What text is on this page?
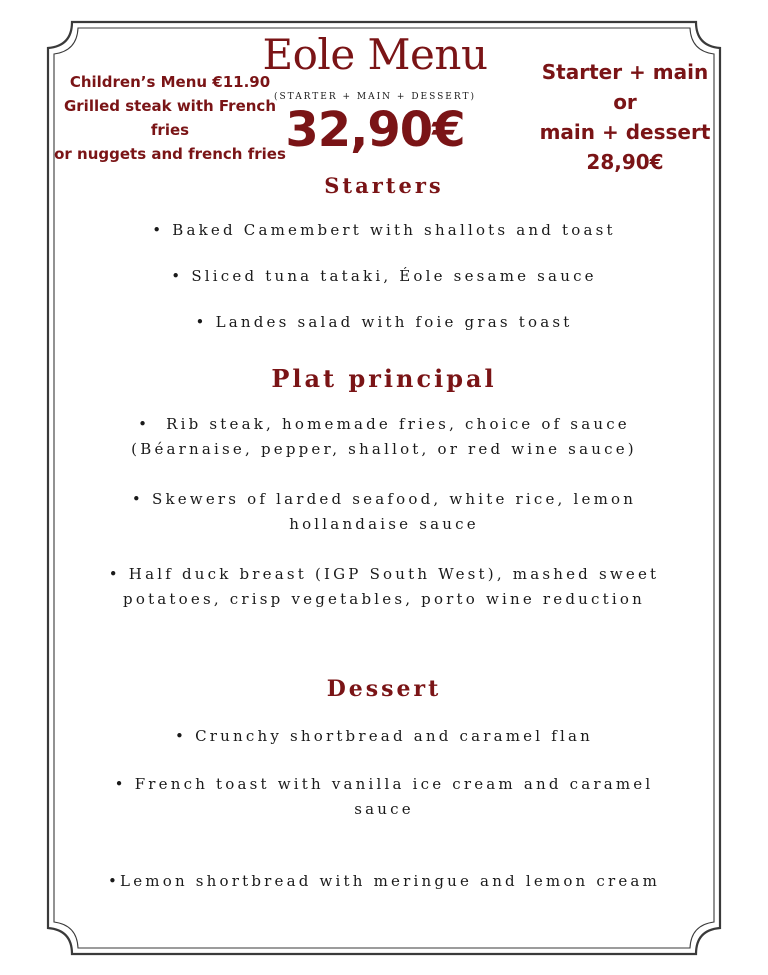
Children’s Menu €11.90
Grilled steak with French
fries
or nuggets and french fries
Eole Menu
(STARTER + MAIN + DESSERT)
32,90€
Starter + main
or
main + dessert
28,90€
Starters
• Baked Camembert with shallots and toast
• Sliced tuna tataki, Éole sesame sauce
• Landes salad with foie gras toast
Plat principal
• Rib steak, homemade fries, choice of sauce
(Béarnaise, pepper, shallot, or red wine sauce)
• Skewers of larded seafood, white rice, lemon
hollandaise sauce
• Half duck breast (IGP South West), mashed sweet
potatoes, crisp vegetables, porto wine reduction
Dessert
• Crunchy shortbread and caramel flan
• French toast with vanilla ice cream and caramel
sauce
•Lemon shortbread with meringue and lemon cream
